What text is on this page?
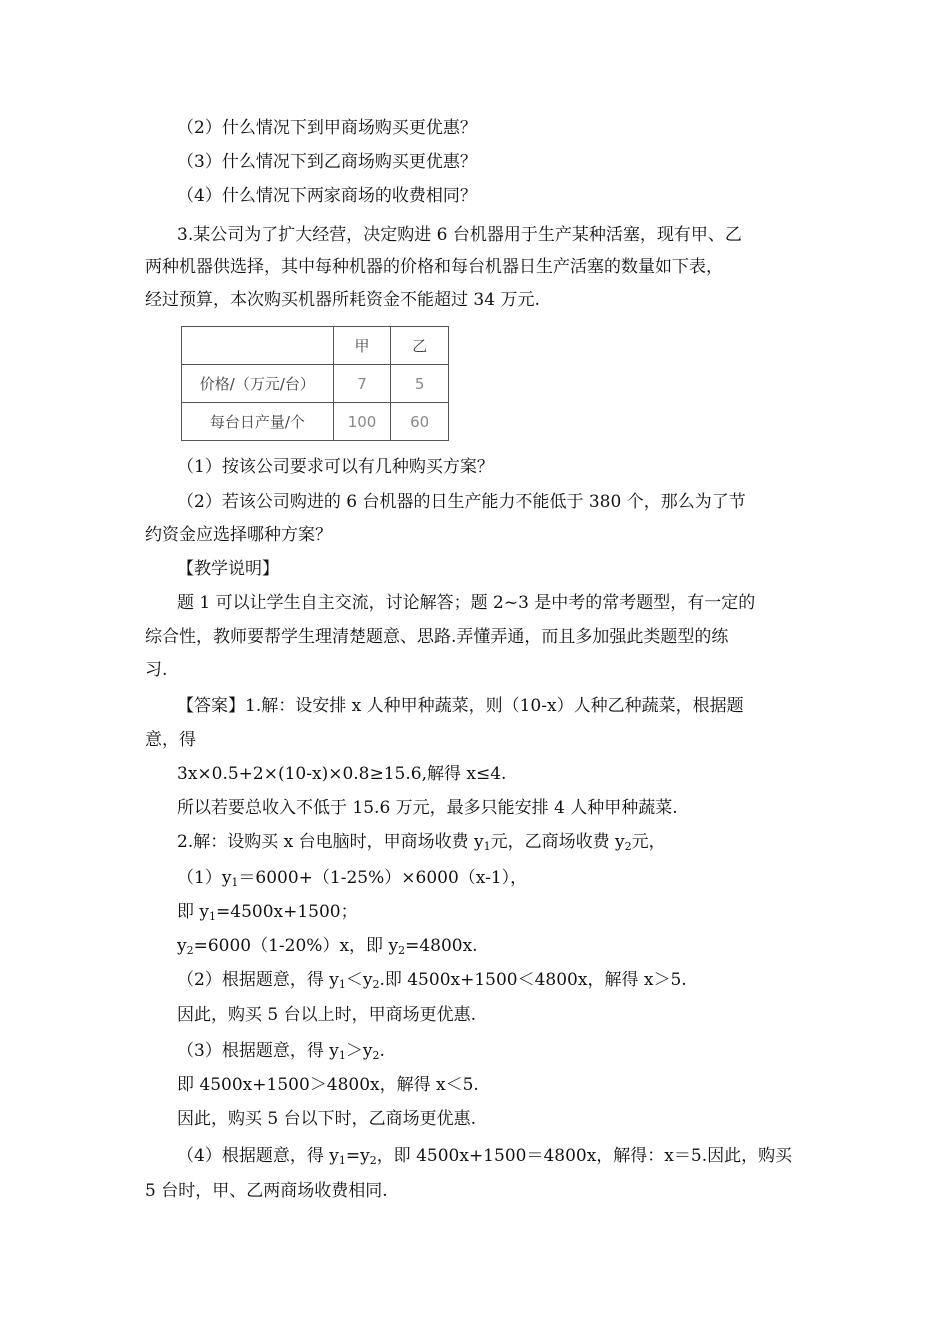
（2）什么情况下到甲商场购买更优惠？
（3）什么情况下到乙商场购买更优惠？
（4）什么情况下两家商场的收费相同？
3.某公司为了扩大经营，决定购进 6 台机器用于生产某种活塞，现有甲、乙
两种机器供选择，其中每种机器的价格和每台机器日生产活塞的数量如下表，
经过预算，本次购买机器所耗资金不能超过 34 万元.
	甲	乙
价格/（万元/台）	7	5
每台日产量/个	100	60
（1）按该公司要求可以有几种购买方案？
（2）若该公司购进的 6 台机器的日生产能力不能低于 380 个，那么为了节
约资金应选择哪种方案？
【教学说明】
题 1 可以让学生自主交流，讨论解答；题 2~3 是中考的常考题型，有一定的
综合性，教师要帮学生理清楚题意、思路.弄懂弄通，而且多加强此类题型的练
习.
【答案】1.解：设安排 x 人种甲种蔬菜，则（10-x）人种乙种蔬菜，根据题
意，得
3x×0.5+2×(10-x)×0.8≥15.6,解得 x≤4.
所以若要总收入不低于 15.6 万元，最多只能安排 4 人种甲种蔬菜.
2.解：设购买 x 台电脑时，甲商场收费 $y_1$元，乙商场收费 $y_2$元，
$(1)y_1=6000+(1-25\%)\times 6000(x-1)$，
即 $y_1=4500x+1500$；
$y_2=6000(1-20\%)x$，即 $y_2=4800x$.
（2）根据题意，得 $y_1<y_2$.即 4500x+1500＜4800x，解得 x＞5.
因此，购买 5 台以上时，甲商场更优惠.
（3）根据题意，得 $y_1>y_2$.
即 4500x+1500＞4800x，解得 x＜5.
因此，购买 5 台以下时，乙商场更优惠.
（4）根据题意，得 $y_1=y_2$，即 4500x+1500＝4800x，解得：x＝5.因此，购买
5 台时，甲、乙两商场收费相同.
